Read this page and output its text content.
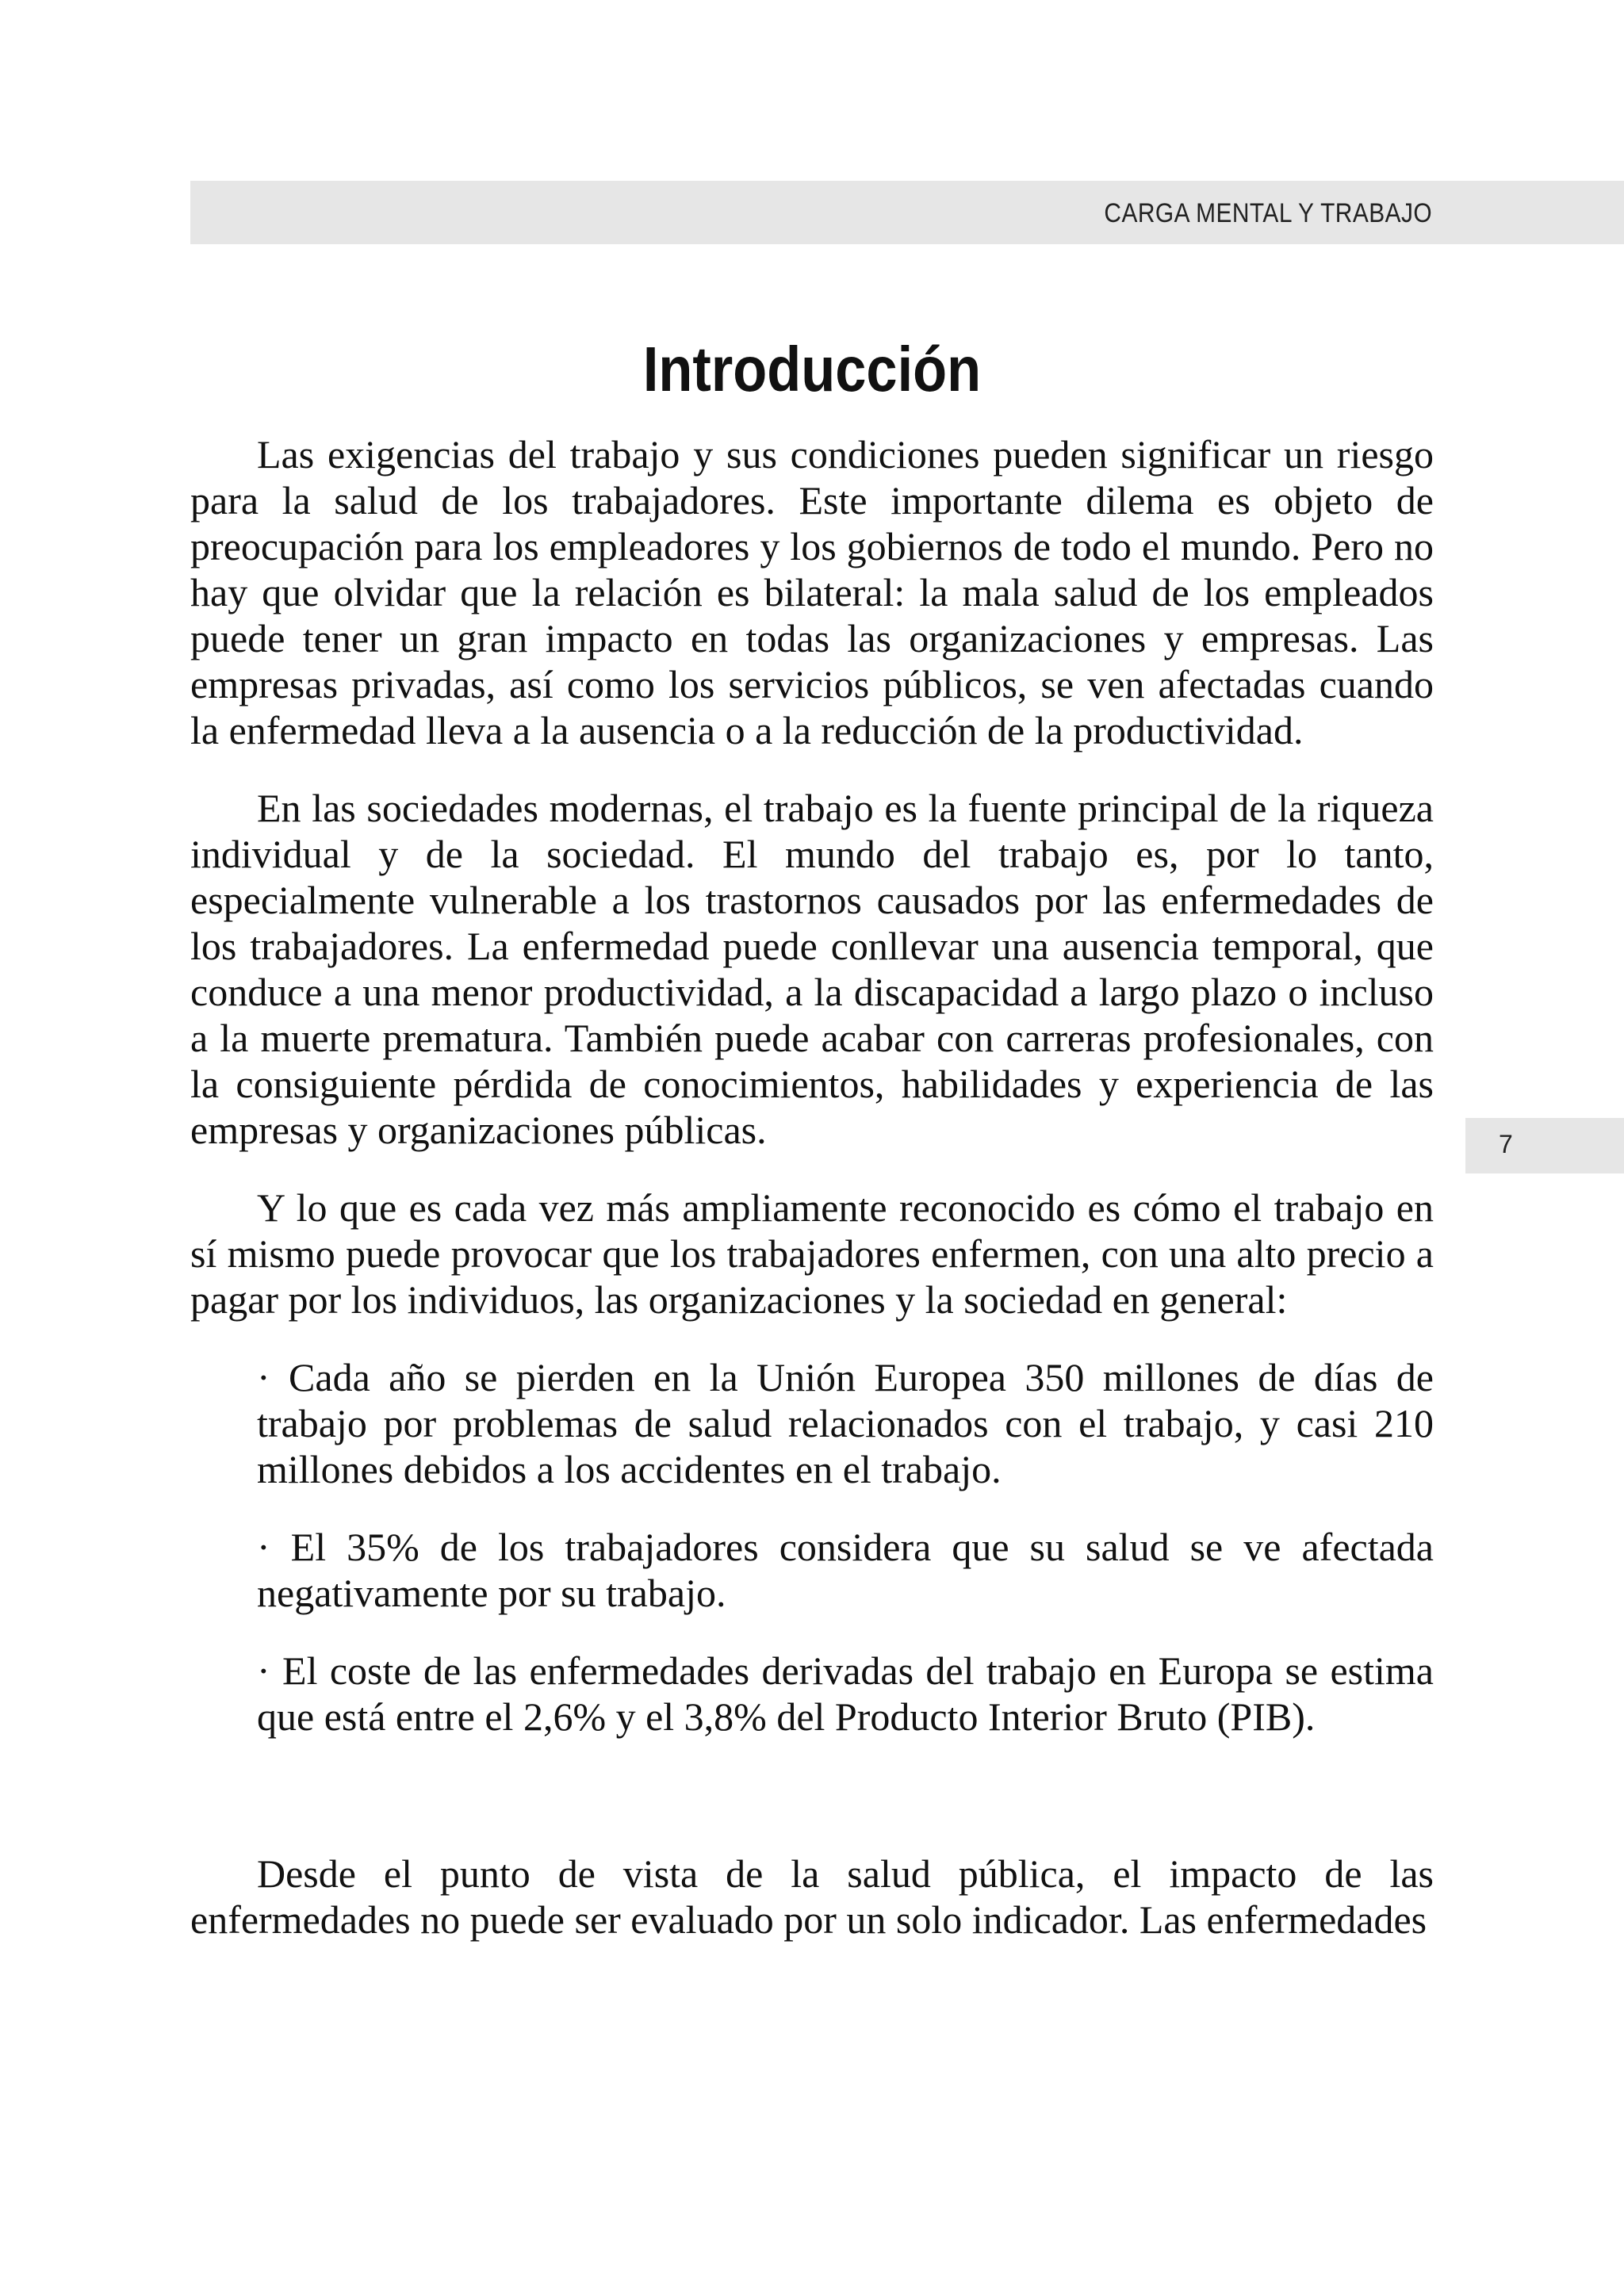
CARGA MENTAL Y TRABAJO
7
Introducción

Las exigencias del trabajo y sus condiciones pueden significar un riesgo para la salud de los trabajadores. Este importante dilema es objeto de preocupación para los empleadores y los gobiernos de todo el mundo. Pero no hay que olvidar que la relación es bilateral: la mala salud de los empleados puede tener un gran impacto en todas las organizaciones y empresas. Las empresas privadas, así como los servicios públicos, se ven afectadas cuando la enfermedad lleva a la ausencia o a la reducción de la productividad.

En las sociedades modernas, el trabajo es la fuente principal de la riqueza individual y de la sociedad. El mundo del trabajo es, por lo tanto, especialmente vulnerable a los trastornos causados por las enfermedades de los trabajadores. La enfermedad puede conllevar una ausencia temporal, que conduce a una menor productividad, a la discapacidad a largo plazo o incluso a la muerte prematura. También puede acabar con carreras profesionales, con la consiguiente pérdida de conocimientos, habilidades y experiencia de las empresas y organizaciones públicas.

Y lo que es cada vez más ampliamente reconocido es cómo el trabajo en sí mismo puede provocar que los trabajadores enfermen, con una alto precio a pagar por los individuos, las organizaciones y la sociedad en general:

· Cada año se pierden en la Unión Europea 350 millones de días de trabajo por problemas de salud relacionados con el trabajo, y casi 210 millones debidos a los accidentes en el trabajo.
· El 35% de los trabajadores considera que su salud se ve afectada negativamente por su trabajo.
· El coste de las enfermedades derivadas del trabajo en Europa se estima que está entre el 2,6% y el 3,8% del Producto Interior Bruto (PIB).

Desde el punto de vista de la salud pública, el impacto de las enfermedades no puede ser evaluado por un solo indicador. Las enfermedades
